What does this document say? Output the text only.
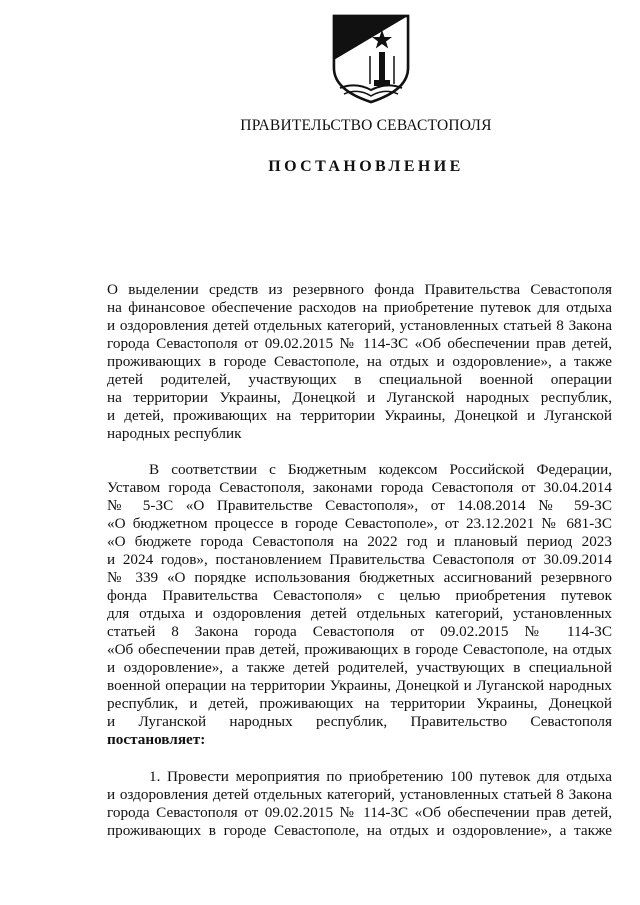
ПРАВИТЕЛЬСТВО СЕВАСТОПОЛЯ
ПОСТАНОВЛЕНИЕ
О выделении средств из резервного фонда Правительства Севастополя
на финансовое обеспечение расходов на приобретение путевок для отдыха
и оздоровления детей отдельных категорий, установленных статьей 8 Закона
города Севастополя от 09.02.2015 № 114-ЗС «Об обеспечении прав детей,
проживающих в городе Севастополе, на отдых и оздоровление», а также
детей родителей, участвующих в специальной военной операции
на территории Украины, Донецкой и Луганской народных республик,
и детей, проживающих на территории Украины, Донецкой и Луганской
народных республик
В соответствии с Бюджетным кодексом Российской Федерации,
Уставом города Севастополя, законами города Севастополя от 30.04.2014
№ 5-ЗС «О Правительстве Севастополя», от 14.08.2014 № 59-ЗС
«О бюджетном процессе в городе Севастополе», от 23.12.2021 № 681-ЗС
«О бюджете города Севастополя на 2022 год и плановый период 2023
и 2024 годов», постановлением Правительства Севастополя от 30.09.2014
№ 339 «О порядке использования бюджетных ассигнований резервного
фонда Правительства Севастополя» с целью приобретения путевок
для отдыха и оздоровления детей отдельных категорий, установленных
статьей 8 Закона города Севастополя от 09.02.2015 № 114-ЗС
«Об обеспечении прав детей, проживающих в городе Севастополе, на отдых
и оздоровление», а также детей родителей, участвующих в специальной
военной операции на территории Украины, Донецкой и Луганской народных
республик, и детей, проживающих на территории Украины, Донецкой
и Луганской народных республик, Правительство Севастополя
постановляет:
1. Провести мероприятия по приобретению 100 путевок для отдыха
и оздоровления детей отдельных категорий, установленных статьей 8 Закона
города Севастополя от 09.02.2015 № 114-ЗС «Об обеспечении прав детей,
проживающих в городе Севастополе, на отдых и оздоровление», а также
